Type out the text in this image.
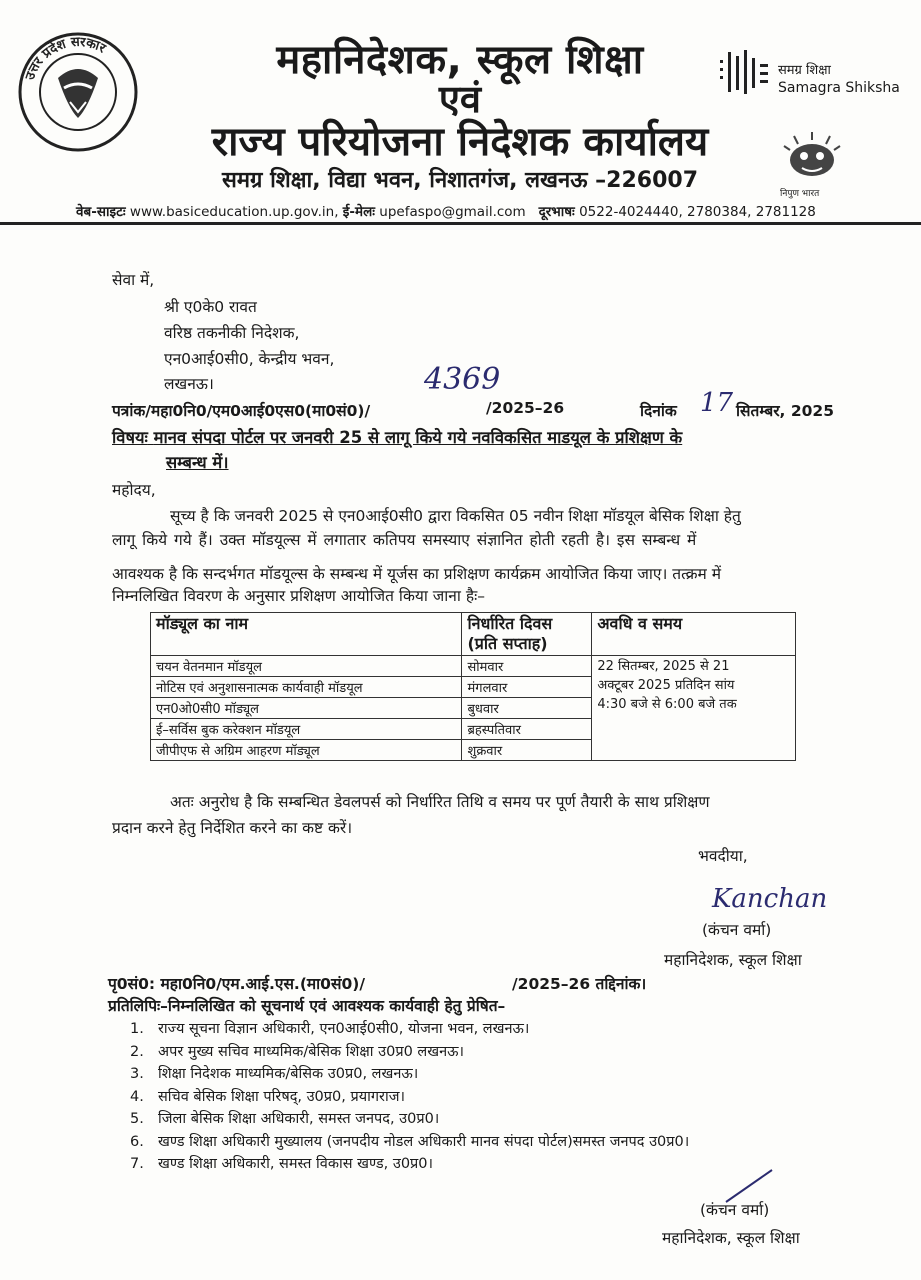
उत्तर प्रदेश सरकार	महानिदेशक, स्कूल शिक्षा
एवं
राज्य परियोजना निदेशक कार्यालय
समग्र शिक्षा, विद्या भवन, निशातगंज, लखनऊ –226007
समग्र शिक्षा
Samagra Shiksha
निपुण भारत
वेब-साइटः www.basiceducation.up.gov.in, ई-मेलः upefaspo@gmail.com दूरभाषः 0522-4024440, 2780384, 2781128
सेवा में,
श्री ए0के0 रावत
वरिष्ठ तकनीकी निदेशक,
एन0आई0सी0, केन्द्रीय भवन,
लखनऊ।
पत्रांक/महा0नि0/एम0आई0एस0(मा0सं0)/
4369
/2025–26	दिनांक 17 सितम्बर, 2025
विषयः मानव संपदा पोर्टल पर जनवरी 25 से लागू किये गये नवविकसित माडयूल के प्रशिक्षण के
सम्बन्ध में।
महोदय,
सूच्य है कि जनवरी 2025 से एन0आई0सी0 द्वारा विकसित 05 नवीन शिक्षा मॉडयूल बेसिक शिक्षा हेतु
लागू किये गये हैं। उक्त मॉडयूल्स में लगातार कतिपय समस्याए संज्ञानित होती रहती है। इस सम्बन्ध में
आवश्यक है कि सन्दर्भगत मॉडयूल्स के सम्बन्ध में यूर्जस का प्रशिक्षण कार्यक्रम आयोजित किया जाए। तत्क्रम में
निम्नलिखित विवरण के अनुसार प्रशिक्षण आयोजित किया जाना हैः–
मॉड्यूल का नाम	निर्धारित दिवस (प्रति सप्ताह)	अवधि व समय
चयन वेतनमान मॉडयूल	सोमवार	22 सितम्बर, 2025 से 21
अक्टूबर 2025 प्रतिदिन सांय
4:30 बजे से 6:00 बजे तक

नोटिस एवं अनुशासनात्मक कार्यवाही मॉडयूल	मंगलवार	
एन0ओ0सी0 मॉड्यूल	बुधवार	
ई–सर्विस बुक करेक्शन मॉडयूल	ब्रहस्पतिवार	
जीपीएफ से अग्रिम आहरण मॉड्यूल	शुक्रवार	
अतः अनुरोध है कि सम्बन्धित डेवलपर्स को निर्धारित तिथि व समय पर पूर्ण तैयारी के साथ प्रशिक्षण
प्रदान करने हेतु निर्देशित करने का कष्ट करें।
भवदीया,
Kanchan
(कंचन वर्मा)
महानिदेशक, स्कूल शिक्षा
पृ0सं0: महा0नि0/एम.आई.एस.(मा0सं0)/	/2025–26 तद्दिनांक।
प्रतिलिपिः–निम्नलिखित को सूचनार्थ एवं आवश्यक कार्यवाही हेतु प्रेषित–
1. राज्य सूचना विज्ञान अधिकारी, एन0आई0सी0, योजना भवन, लखनऊ।
2. अपर मुख्य सचिव माध्यमिक/बेसिक शिक्षा उ0प्र0 लखनऊ।
3. शिक्षा निदेशक माध्यमिक/बेसिक उ0प्र0, लखनऊ।
4. सचिव बेसिक शिक्षा परिषद्, उ0प्र0, प्रयागराज।
5. जिला बेसिक शिक्षा अधिकारी, समस्त जनपद, उ0प्र0।
6. खण्ड शिक्षा अधिकारी मुख्यालय (जनपदीय नोडल अधिकारी मानव संपदा पोर्टल)समस्त जनपद उ0प्र0।
7. खण्ड शिक्षा अधिकारी, समस्त विकास खण्ड, उ0प्र0।
(कंचन वर्मा)
महानिदेशक, स्कूल शिक्षा
